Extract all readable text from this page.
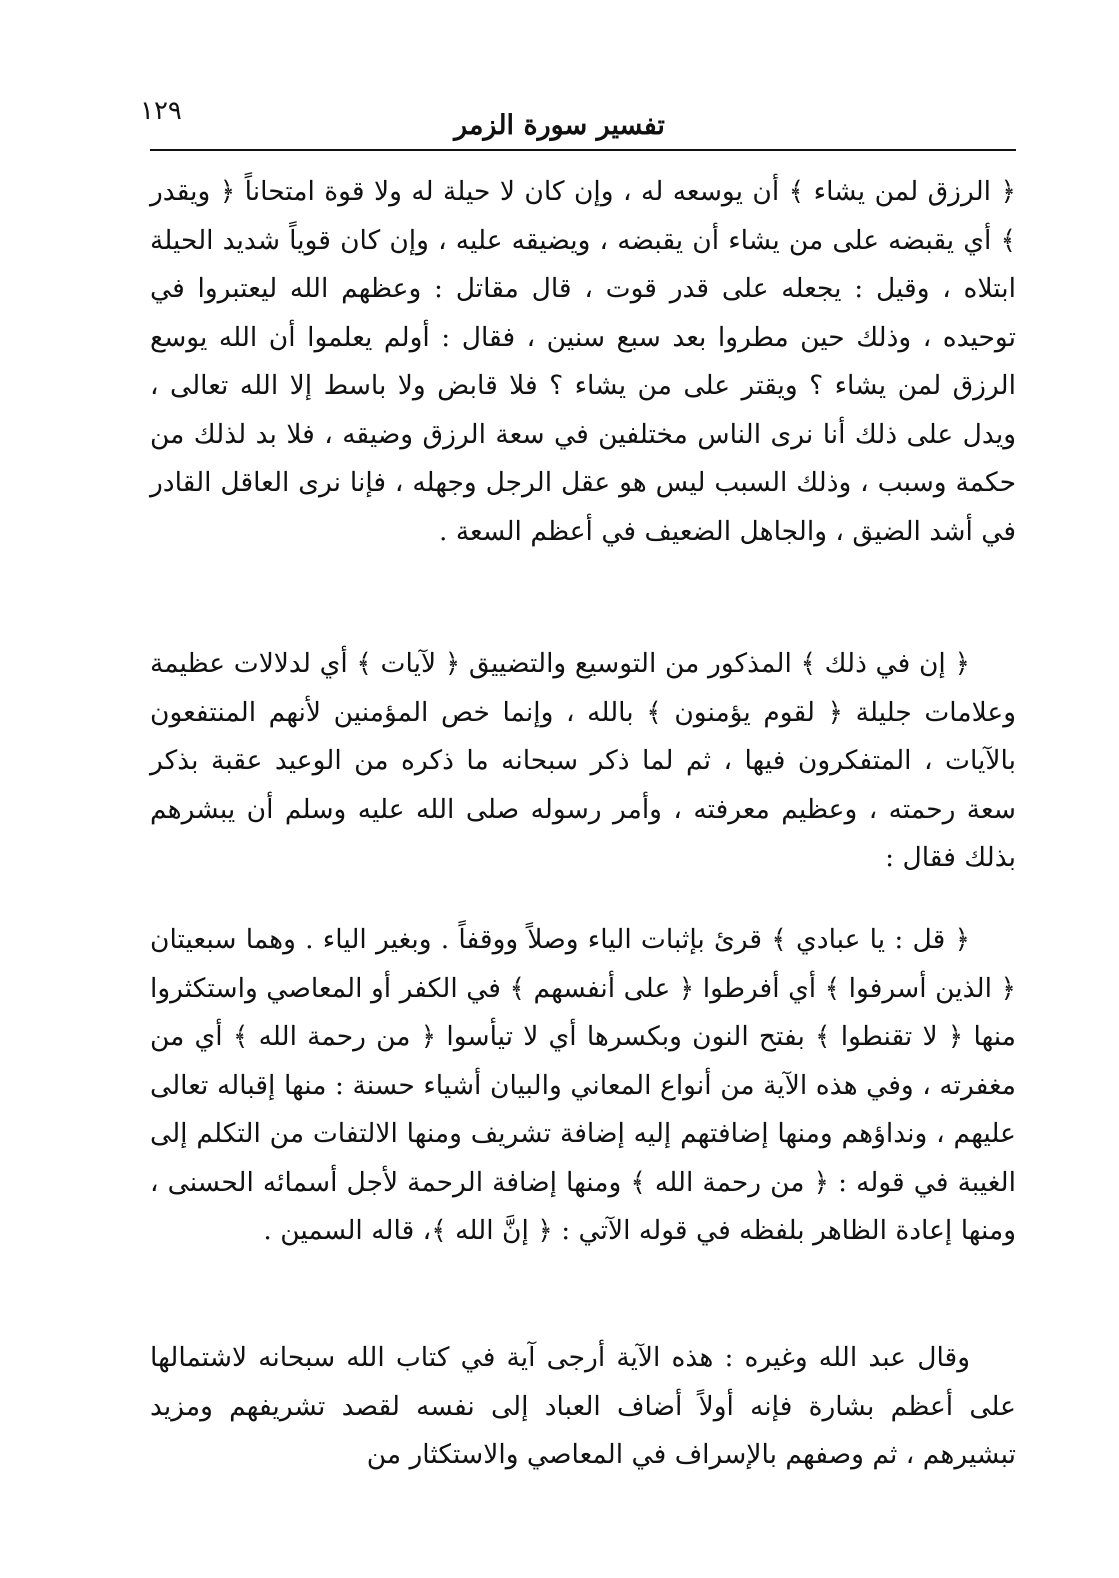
١٢٩	تفسير سورة الزمر

﴿ الرزق لمن يشاء ﴾ أن يوسعه له ، وإن كان لا حيلة له ولا قوة امتحاناً ﴿ ويقدر ﴾ أي يقبضه على من يشاء أن يقبضه ، ويضيقه عليه ، وإن كان قوياً شديد الحيلة ابتلاه ، وقيل : يجعله على قدر قوت ، قال مقاتل : وعظهم الله ليعتبروا في توحيده ، وذلك حين مطروا بعد سبع سنين ، فقال : أولم يعلموا أن الله يوسع الرزق لمن يشاء ؟ ويقتر على من يشاء ؟ فلا قابض ولا باسط إلا الله تعالى ، ويدل على ذلك أنا نرى الناس مختلفين في سعة الرزق وضيقه ، فلا بد لذلك من حكمة وسبب ، وذلك السبب ليس هو عقل الرجل وجهله ، فإنا نرى العاقل القادر في أشد الضيق ، والجاهل الضعيف في أعظم السعة .

﴿ إن في ذلك ﴾ المذكور من التوسيع والتضييق ﴿ لآيات ﴾ أي لدلالات عظيمة وعلامات جليلة ﴿ لقوم يؤمنون ﴾ بالله ، وإنما خص المؤمنين لأنهم المنتفعون بالآيات ، المتفكرون فيها ، ثم لما ذكر سبحانه ما ذكره من الوعيد عقبة بذكر سعة رحمته ، وعظيم معرفته ، وأمر رسوله صلى الله عليه وسلم أن يبشرهم بذلك فقال :

﴿ قل : يا عبادي ﴾ قرئ بإثبات الياء وصلاً ووقفاً . وبغير الياء . وهما سبعيتان ﴿ الذين أسرفوا ﴾ أي أفرطوا ﴿ على أنفسهم ﴾ في الكفر أو المعاصي واستكثروا منها ﴿ لا تقنطوا ﴾ بفتح النون وبكسرها أي لا تيأسوا ﴿ من رحمة الله ﴾ أي من مغفرته ، وفي هذه الآية من أنواع المعاني والبيان أشياء حسنة : منها إقباله تعالى عليهم ، ونداؤهم ومنها إضافتهم إليه إضافة تشريف ومنها الالتفات من التكلم إلى الغيبة في قوله : ﴿ من رحمة الله ﴾ ومنها إضافة الرحمة لأجل أسمائه الحسنى ، ومنها إعادة الظاهر بلفظه في قوله الآتي : ﴿ إنَّ الله ﴾، قاله السمين .

وقال عبد الله وغيره : هذه الآية أرجى آية في كتاب الله سبحانه لاشتمالها على أعظم بشارة فإنه أولاً أضاف العباد إلى نفسه لقصد تشريفهم ومزيد تبشيرهم ، ثم وصفهم بالإسراف في المعاصي والاستكثار من
